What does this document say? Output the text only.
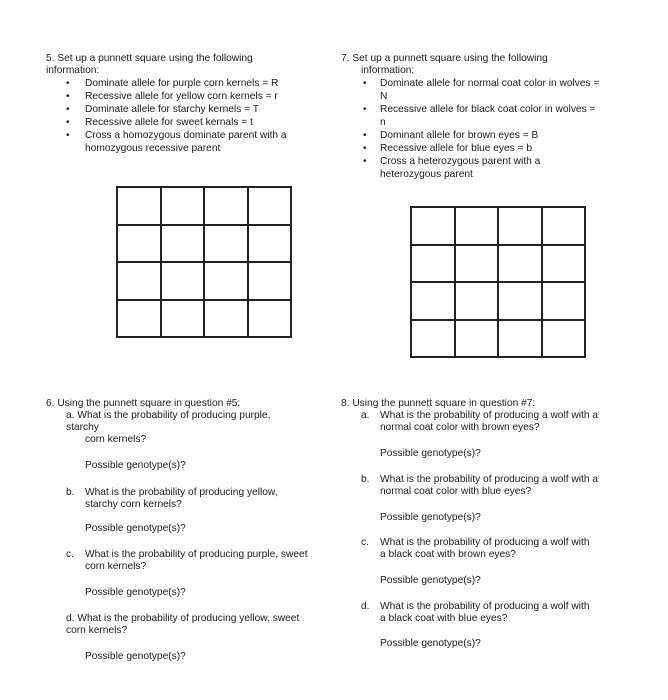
5. Set up a punnett square using the following
information:
• Dominate allele for purple corn kernels = R
• Recessive allele for yellow corn kernels = r
• Dominate allele for starchy kernels = T
• Recessive allele for sweet kernals = t
• Cross a homozygous dominate parent with a
homozygous recessive parent
7. Set up a punnett square using the following
information:
• Dominate allele for normal coat color in wolves =
N
• Recessive allele for black coat color in wolves =
n
• Dominant allele for brown eyes = B
• Recessive allele for blue eyes = b
• Cross a heterozygous parent with a
heterozygous parent
6. Using the punnett square in question #5:
a. What is the probability of producing purple,
starchy
corn kernels?
Possible genotype(s)?
b. What is the probability of producing yellow,
starchy corn kernels?
Possible genotype(s)?
c. What is the probability of producing purple, sweet
corn kernels?
Possible genotype(s)?
d. What is the probability of producing yellow, sweet
corn kernels?
Possible genotype(s)?
8. Using the punnett square in question #7:
a. What is the probability of producing a wolf with a
normal coat color with brown eyes?
Possible genotype(s)?
b. What is the probability of producing a wolf with a
normal coat color with blue eyes?
Possible genotype(s)?
c. What is the probability of producing a wolf with
a black coat with brown eyes?
Possible genotype(s)?
d. What is the probability of producing a wolf with
a black coat with blue eyes?
Possible genotype(s)?
